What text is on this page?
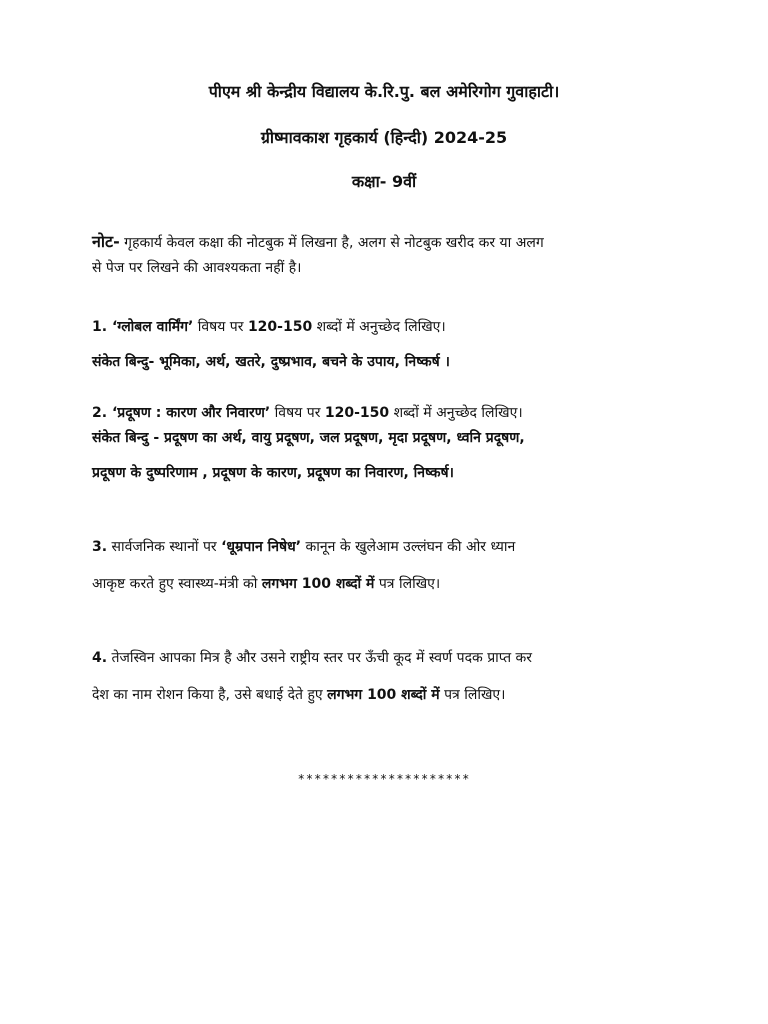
पीएम श्री केन्द्रीय विद्यालय के.रि.पु. बल अमेरिगोग गुवाहाटी।
ग्रीष्मावकाश गृहकार्य (हिन्दी) 2024-25
कक्षा- 9वीं
नोट- गृहकार्य केवल कक्षा की नोटबुक में लिखना है, अलग से नोटबुक खरीद कर या अलग
से पेज पर लिखने की आवश्यकता नहीं है।
1. ‘ग्लोबल वार्मिंग’ विषय पर 120-150 शब्दों में अनुच्छेद लिखिए।
संकेत बिन्दु- भूमिका, अर्थ, खतरे, दुष्प्रभाव, बचने के उपाय, निष्कर्ष ।
2. ‘प्रदूषण : कारण और निवारण’ विषय पर 120-150 शब्दों में अनुच्छेद लिखिए।
संकेत बिन्दु - प्रदूषण का अर्थ, वायु प्रदूषण, जल प्रदूषण, मृदा प्रदूषण, ध्वनि प्रदूषण,
प्रदूषण के दुष्परिणाम , प्रदूषण के कारण, प्रदूषण का निवारण, निष्कर्ष।
3. सार्वजनिक स्थानों पर ‘धूम्रपान निषेध’ कानून के खुलेआम उल्लंघन की ओर ध्यान
आकृष्ट करते हुए स्वास्थ्य-मंत्री को लगभग 100 शब्दों में पत्र लिखिए।
4. तेजस्विन आपका मित्र है और उसने राष्ट्रीय स्तर पर ऊँची कूद में स्वर्ण पदक प्राप्त कर
देश का नाम रोशन किया है, उसे बधाई देते हुए लगभग 100 शब्दों में पत्र लिखिए।
*********************
